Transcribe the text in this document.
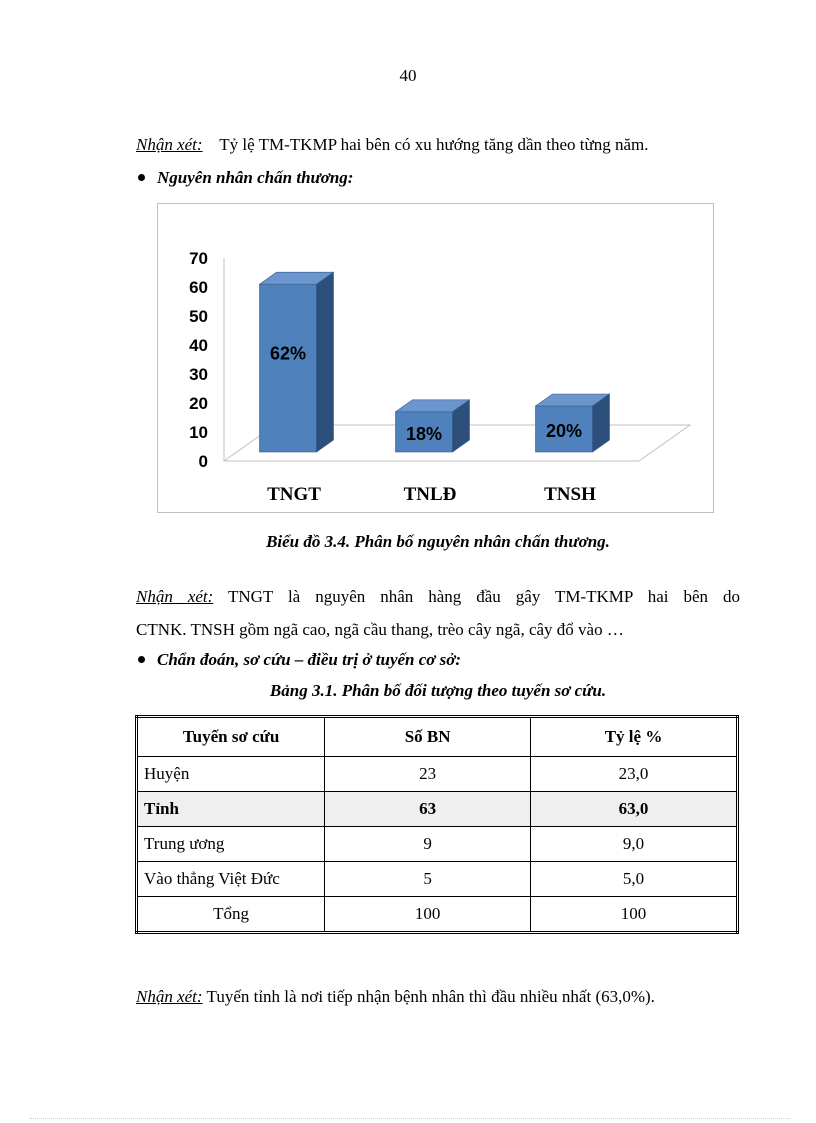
40
Nhận xét: Tỷ lệ TM-TKMP hai bên có xu hướng tăng dần theo từng năm.
Nguyên nhân chấn thương:
0
10
20
30
40
50
60
70
62%
TNGT
18%
TNLĐ
20%
TNSH
Biểu đồ 3.4. Phân bố nguyên nhân chấn thương.
Nhận xét: TNGT là nguyên nhân hàng đầu gây TM-TKMP hai bên do
CTNK. TNSH gồm ngã cao, ngã cầu thang, trèo cây ngã, cây đổ vào …
Chẩn đoán, sơ cứu – điều trị ở tuyến cơ sở:
Bảng 3.1. Phân bố đối tượng theo tuyến sơ cứu.
Tuyến sơ cứu	Số BN	Tỷ lệ %
Huyện	23	23,0
Tỉnh	63	63,0
Trung ương	9	9,0
Vào thẳng Việt Đức	5	5,0
Tổng	100	100
Nhận xét: Tuyến tỉnh là nơi tiếp nhận bệnh nhân thì đầu nhiều nhất (63,0%).
